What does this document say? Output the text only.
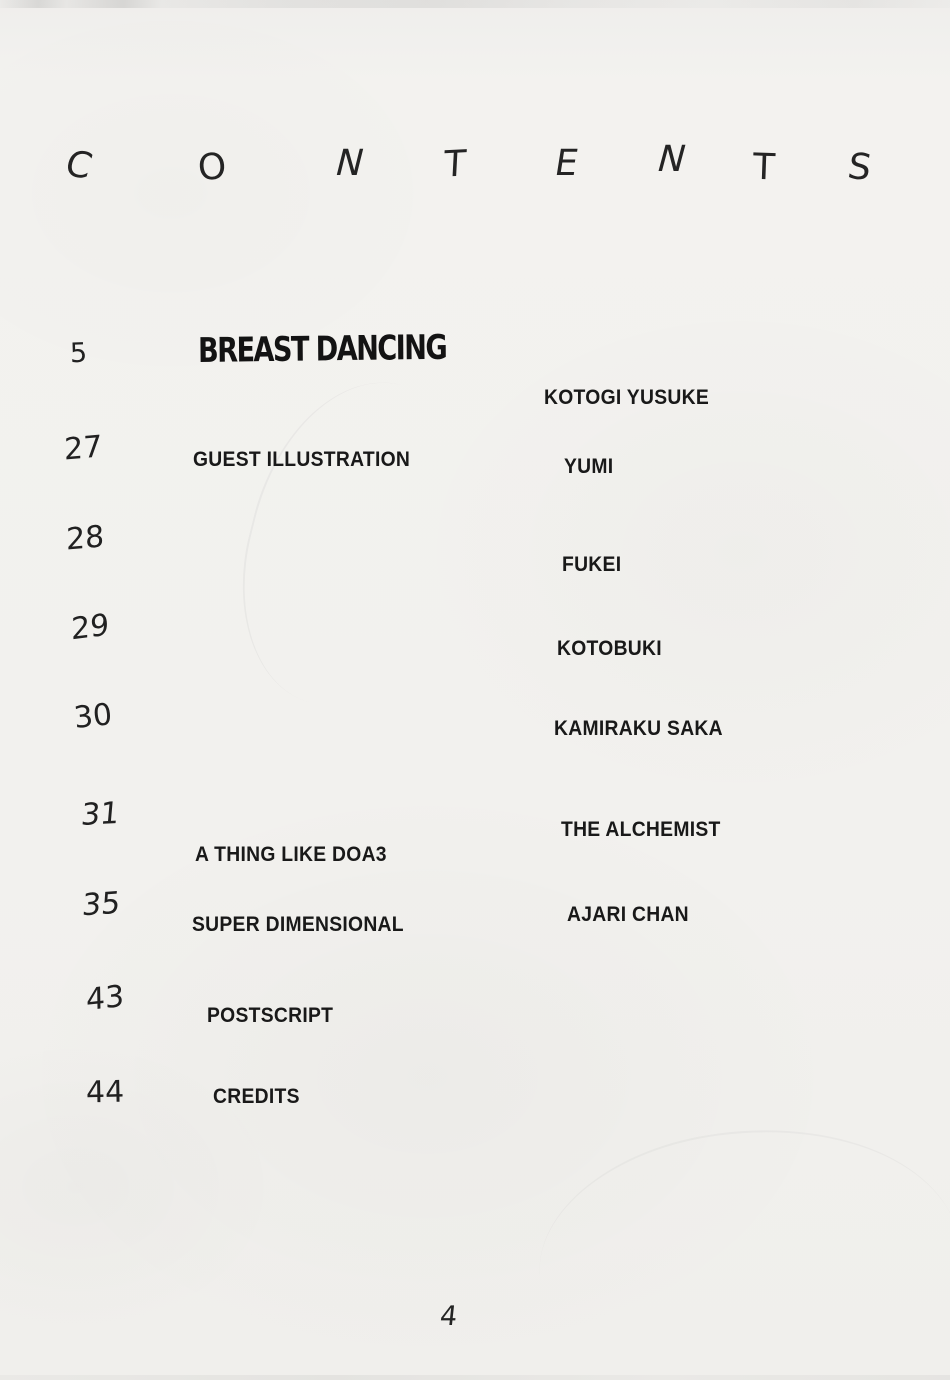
C	O	N T E N T S
5
27
28
29
30
31
35
43
44
BREAST DANCING
GUEST ILLUSTRATION
A THING LIKE DOA3
SUPER DIMENSIONAL
POSTSCRIPT
CREDITS
KOTOGI YUSUKE
YUMI
FUKEI
KOTOBUKI
KAMIRAKU SAKA
THE ALCHEMIST
AJARI CHAN
4
